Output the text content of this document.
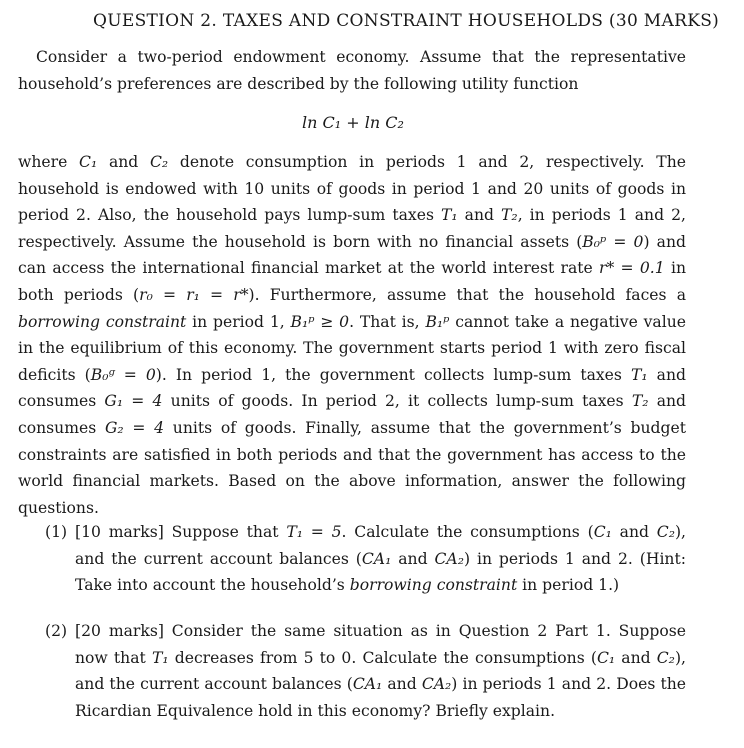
QUESTION 2. TAXES AND CONSTRAINT HOUSEHOLDS (30 MARKS)

Consider a two-period endowment economy. Assume that the representative household’s preferences are described by the following utility function

ln C₁ + ln C₂

where C₁ and C₂ denote consumption in periods 1 and 2, respectively. The household is endowed with 10 units of goods in period 1 and 20 units of goods in period 2. Also, the household pays lump-sum taxes T₁ and T₂, in periods 1 and 2, respectively. Assume the household is born with no financial assets (B₀ᵖ = 0) and can access the international financial market at the world interest rate r* = 0.1 in both periods (r₀ = r₁ = r*). Furthermore, assume that the household faces a borrowing constraint in period 1, B₁ᵖ ≥ 0. That is, B₁ᵖ cannot take a negative value in the equilibrium of this economy. The government starts period 1 with zero fiscal deficits (B₀ᵍ = 0). In period 1, the government collects lump-sum taxes T₁ and consumes G₁ = 4 units of goods. In period 2, it collects lump-sum taxes T₂ and consumes G₂ = 4 units of goods. Finally, assume that the government’s budget constraints are satisfied in both periods and that the government has access to the world financial markets. Based on the above information, answer the following questions.

(1) [10 marks] Suppose that T₁ = 5. Calculate the consumptions (C₁ and C₂), and the current account balances (CA₁ and CA₂) in periods 1 and 2. (Hint: Take into account the household’s borrowing constraint in period 1.)
(2) [20 marks] Consider the same situation as in Question 2 Part 1. Suppose now that T₁ decreases from 5 to 0. Calculate the consumptions (C₁ and C₂), and the current account balances (CA₁ and CA₂) in periods 1 and 2. Does the Ricardian Equivalence hold in this economy? Briefly explain.
